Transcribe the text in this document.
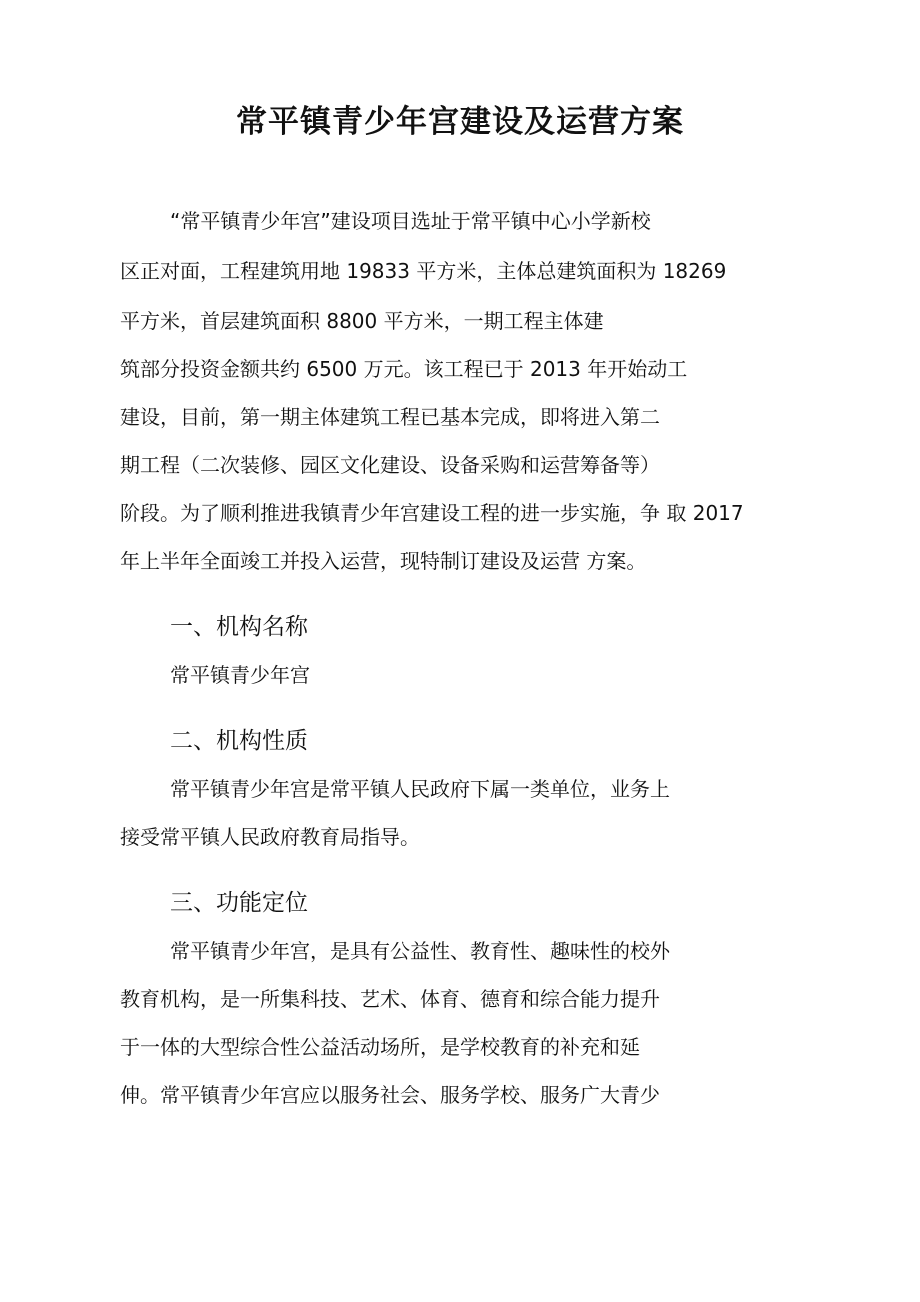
常平镇青少年宫建设及运营方案
“常平镇青少年宫”建设项目选址于常平镇中心小学新校
区正对面，工程建筑用地 19833 平方米，主体总建筑面积为 18269
平方米，首层建筑面积 8800 平方米，一期工程主体建
筑部分投资金额共约 6500 万元。该工程已于 2013 年开始动工
建设，目前，第一期主体建筑工程已基本完成，即将进入第二
期工程（二次装修、园区文化建设、设备采购和运营筹备等）
阶段。为了顺利推进我镇青少年宫建设工程的进一步实施，争 取 2017
年上半年全面竣工并投入运营，现特制订建设及运营 方案。
一、机构名称
常平镇青少年宫
二、机构性质
常平镇青少年宫是常平镇人民政府下属一类单位，业务上
接受常平镇人民政府教育局指导。
三、功能定位
常平镇青少年宫，是具有公益性、教育性、趣味性的校外
教育机构，是一所集科技、艺术、体育、德育和综合能力提升
于一体的大型综合性公益活动场所，是学校教育的补充和延
伸。常平镇青少年宫应以服务社会、服务学校、服务广大青少
